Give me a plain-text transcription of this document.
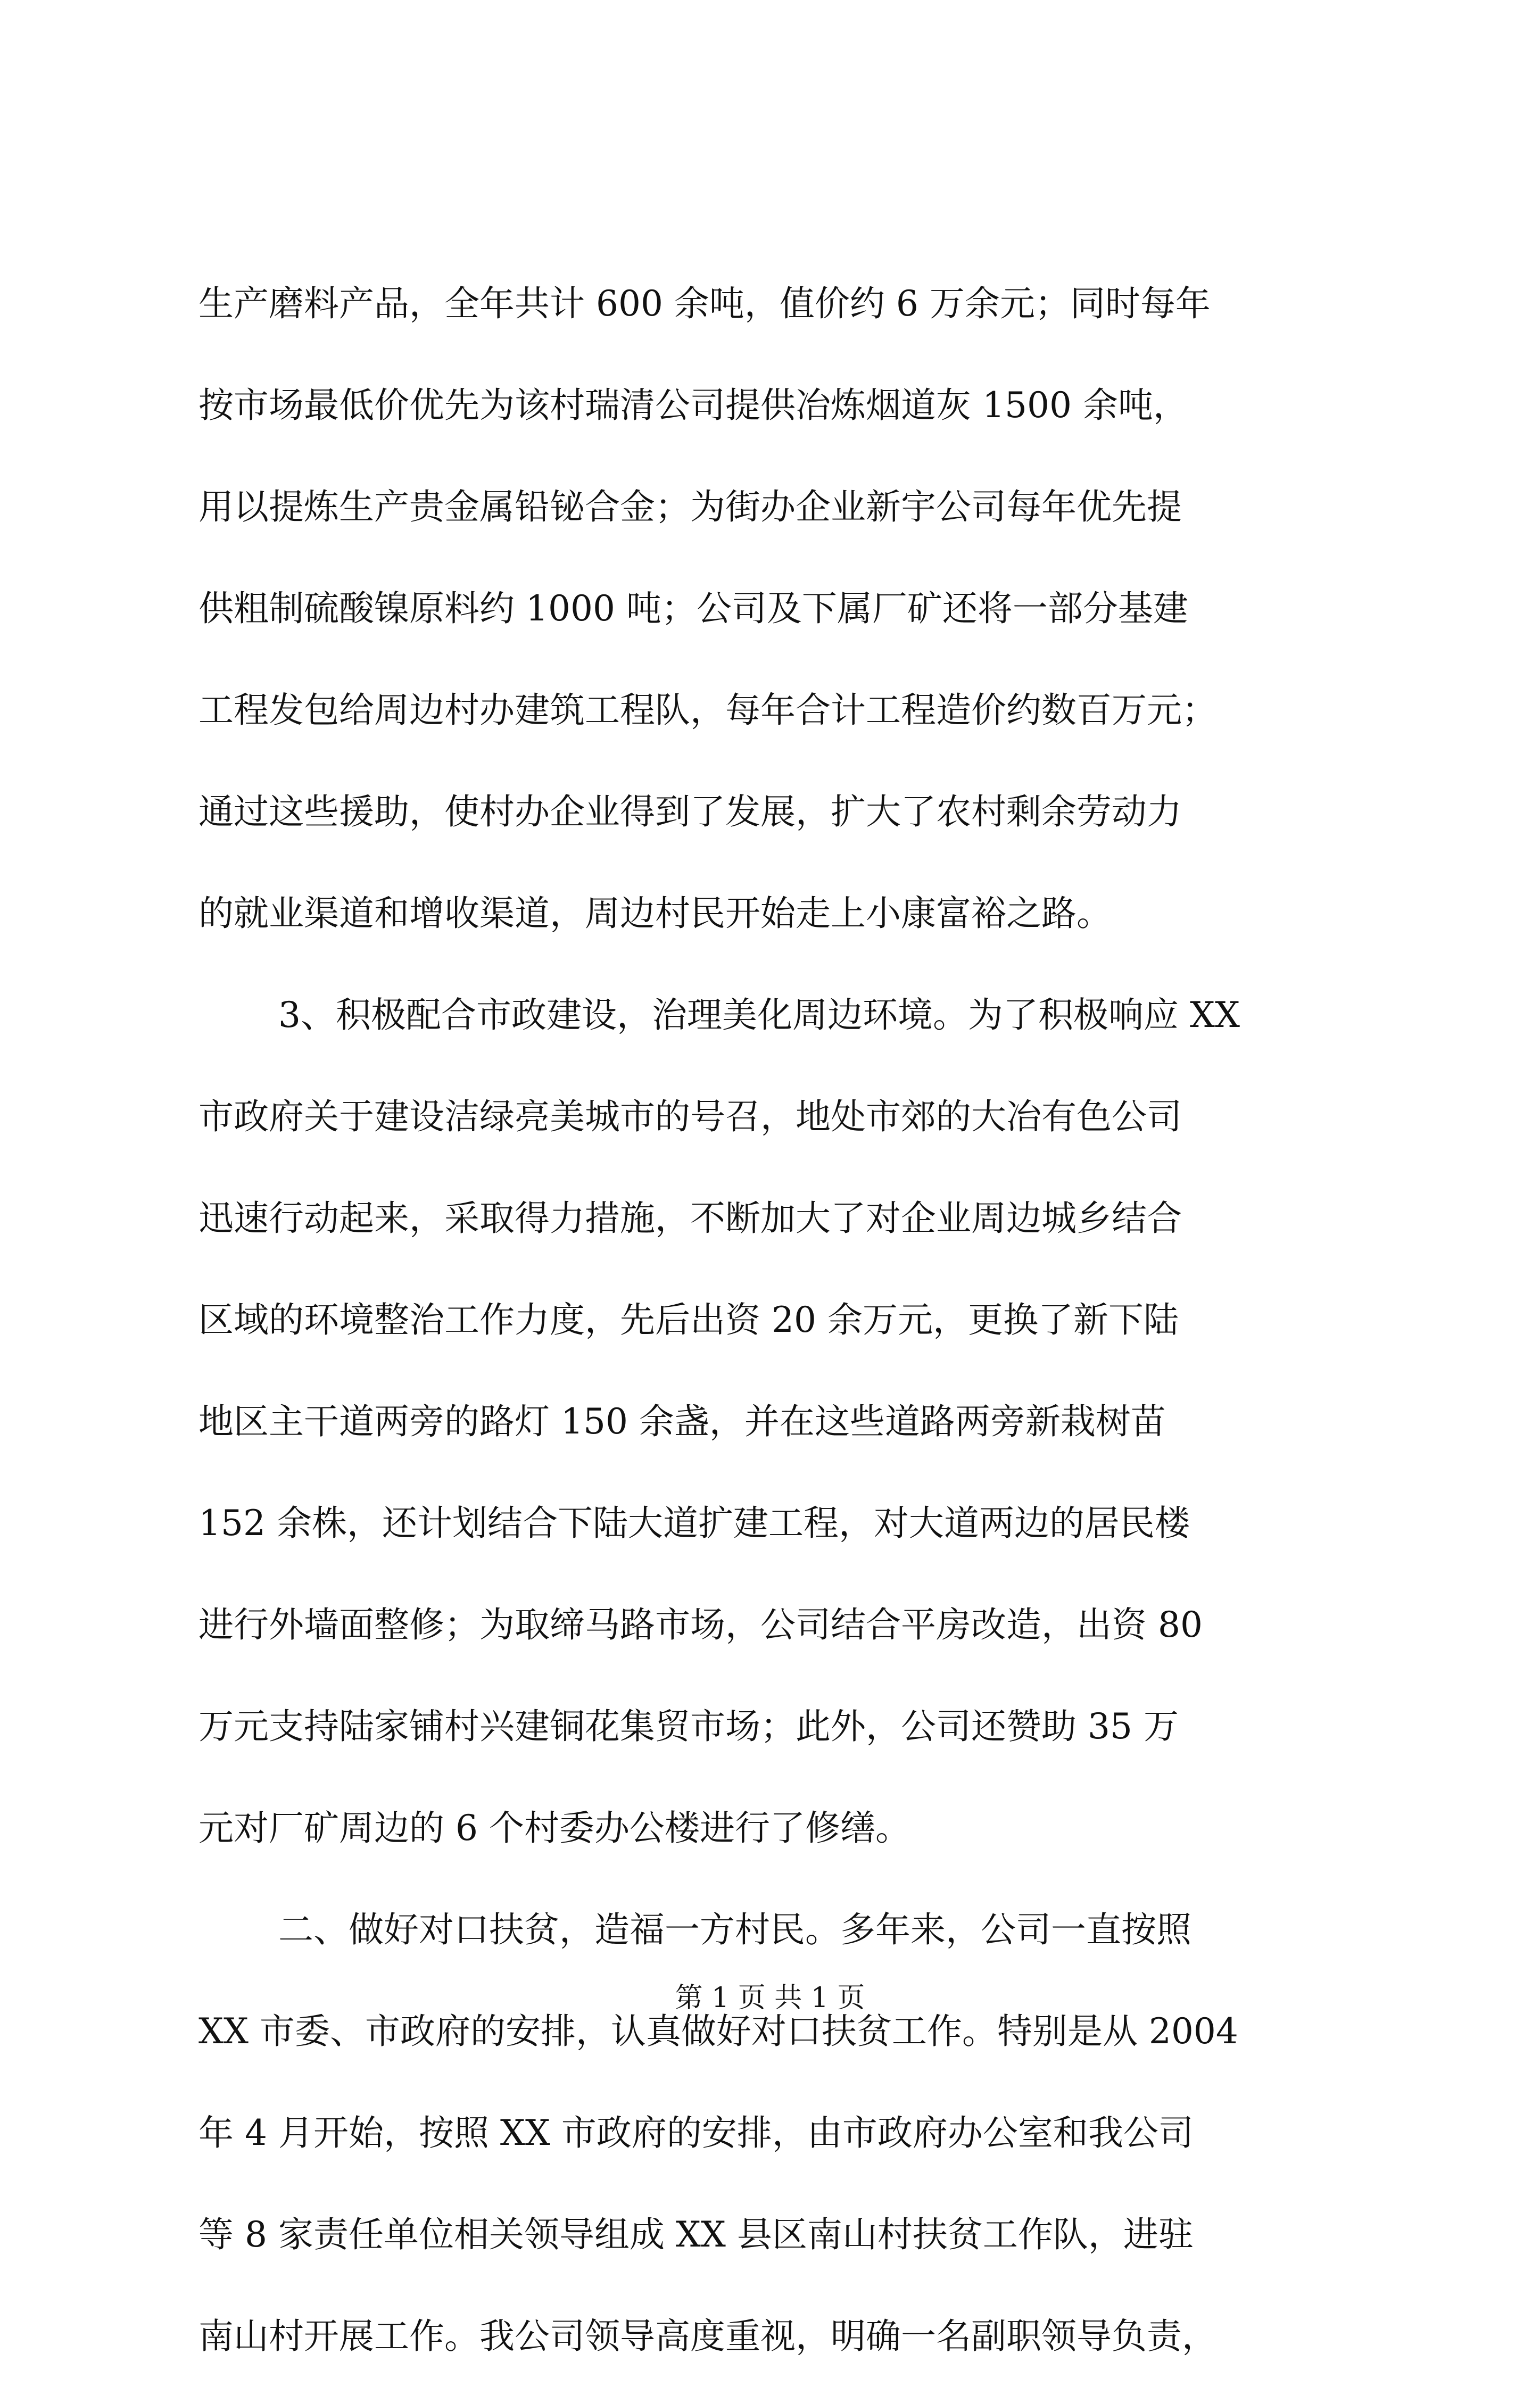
生产磨料产品，全年共计 600 余吨，值价约 6 万余元；同时每年
按市场最低价优先为该村瑞清公司提供冶炼烟道灰 1500 余吨，
用以提炼生产贵金属铅铋合金；为街办企业新宇公司每年优先提
供粗制硫酸镍原料约 1000 吨；公司及下属厂矿还将一部分基建
工程发包给周边村办建筑工程队，每年合计工程造价约数百万元；
通过这些援助，使村办企业得到了发展，扩大了农村剩余劳动力
的就业渠道和增收渠道，周边村民开始走上小康富裕之路。
3、积极配合市政建设，治理美化周边环境。为了积极响应 XX
市政府关于建设洁绿亮美城市的号召，地处市郊的大冶有色公司
迅速行动起来，采取得力措施，不断加大了对企业周边城乡结合
区域的环境整治工作力度，先后出资 20 余万元，更换了新下陆
地区主干道两旁的路灯 150 余盏，并在这些道路两旁新栽树苗
152 余株，还计划结合下陆大道扩建工程，对大道两边的居民楼
进行外墙面整修；为取缔马路市场，公司结合平房改造，出资 80
万元支持陆家铺村兴建铜花集贸市场；此外，公司还赞助 35 万
元对厂矿周边的 6 个村委办公楼进行了修缮。
二、做好对口扶贫，造福一方村民。多年来，公司一直按照
XX 市委、市政府的安排，认真做好对口扶贫工作。特别是从 2004
年 4 月开始，按照 XX 市政府的安排，由市政府办公室和我公司
等 8 家责任单位相关领导组成 XX 县区南山村扶贫工作队，进驻
南山村开展工作。我公司领导高度重视，明确一名副职领导负责，
第 1 页 共 1 页
